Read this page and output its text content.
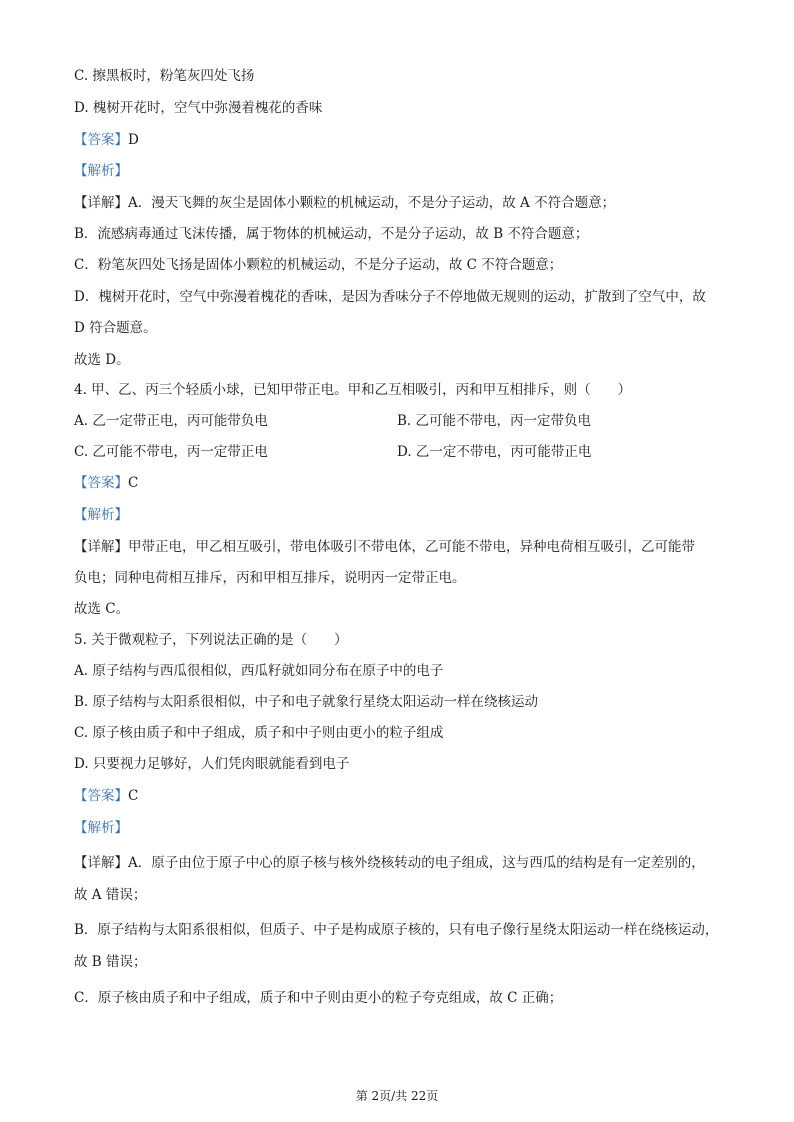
C. 擦黑板时，粉笔灰四处飞扬
D. 槐树开花时，空气中弥漫着槐花的香味
【答案】D
【解析】
【详解】A．漫天飞舞的灰尘是固体小颗粒的机械运动，不是分子运动，故 A 不符合题意；
B．流感病毒通过飞沫传播，属于物体的机械运动，不是分子运动，故 B 不符合题意；
C．粉笔灰四处飞扬是固体小颗粒的机械运动，不是分子运动，故 C 不符合题意；
D．槐树开花时，空气中弥漫着槐花的香味，是因为香味分子不停地做无规则的运动，扩散到了空气中，故
D 符合题意。
故选 D。
4. 甲、乙、丙三个轻质小球，已知甲带正电。甲和乙互相吸引，丙和甲互相排斥，则（　　）
A. 乙一定带正电，丙可能带负电	B. 乙可能不带电，丙一定带负电
C. 乙可能不带电，丙一定带正电	D. 乙一定不带电，丙可能带正电
【答案】C
【解析】
【详解】甲带正电，甲乙相互吸引，带电体吸引不带电体，乙可能不带电，异种电荷相互吸引，乙可能带
负电；同种电荷相互排斥，丙和甲相互排斥，说明丙一定带正电。
故选 C。
5. 关于微观粒子，下列说法正确的是（　　）
A. 原子结构与西瓜很相似，西瓜籽就如同分布在原子中的电子
B. 原子结构与太阳系很相似，中子和电子就象行星绕太阳运动一样在绕核运动
C. 原子核由质子和中子组成，质子和中子则由更小的粒子组成
D. 只要视力足够好，人们凭肉眼就能看到电子
【答案】C
【解析】
【详解】A．原子由位于原子中心的原子核与核外绕核转动的电子组成，这与西瓜的结构是有一定差别的，
故 A 错误；
B．原子结构与太阳系很相似，但质子、中子是构成原子核的，只有电子像行星绕太阳运动一样在绕核运动，
故 B 错误；
C．原子核由质子和中子组成，质子和中子则由更小的粒子夸克组成，故 C 正确；
第 2页/共 22页
